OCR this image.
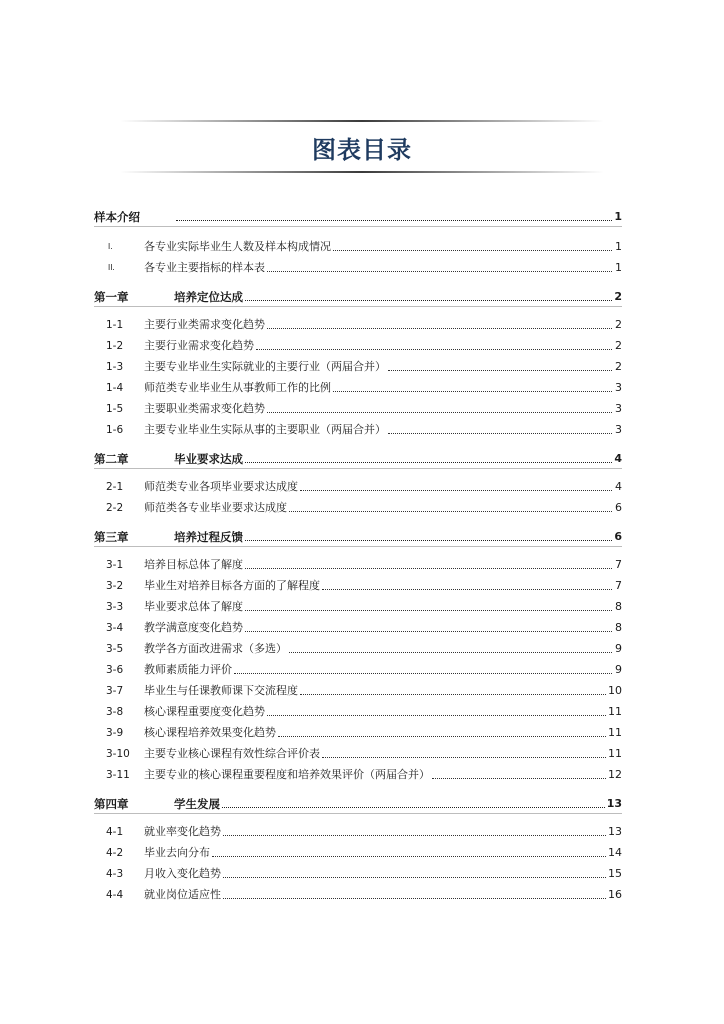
图表目录
样本介绍	1
I.	各专业实际毕业生人数及样本构成情况	1
II.	各专业主要指标的样本表	1
第一章	培养定位达成	2
1-1	主要行业类需求变化趋势	2
1-2	主要行业需求变化趋势	2
1-3	主要专业毕业生实际就业的主要行业（两届合并）	2
1-4	师范类专业毕业生从事教师工作的比例	3
1-5	主要职业类需求变化趋势	3
1-6	主要专业毕业生实际从事的主要职业（两届合并）	3
第二章	毕业要求达成	4
2-1	师范类专业各项毕业要求达成度	4
2-2	师范类各专业毕业要求达成度	6
第三章	培养过程反馈	6
3-1	培养目标总体了解度	7
3-2	毕业生对培养目标各方面的了解程度	7
3-3	毕业要求总体了解度	8
3-4	教学满意度变化趋势	8
3-5	教学各方面改进需求（多选）	9
3-6	教师素质能力评价	9
3-7	毕业生与任课教师课下交流程度	10
3-8	核心课程重要度变化趋势	11
3-9	核心课程培养效果变化趋势	11
3-10	主要专业核心课程有效性综合评价表	11
3-11	主要专业的核心课程重要程度和培养效果评价（两届合并）	12
第四章	学生发展	13
4-1	就业率变化趋势	13
4-2	毕业去向分布	14
4-3	月收入变化趋势	15
4-4	就业岗位适应性	16
